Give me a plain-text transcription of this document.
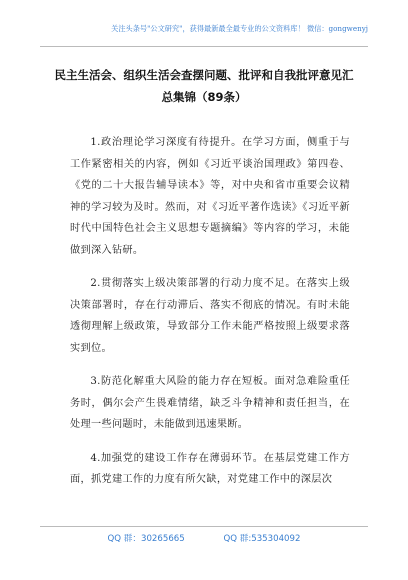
关注头条号"公文研究"，获得最新最全最专业的公文资料库！ 微信：gongwenyj
民主生活会、组织生活会查摆问题、批评和自我批评意见汇总集锦（89条）

1.政治理论学习深度有待提升。在学习方面，侧重于与工作紧密相关的内容，例如《习近平谈治国理政》第四卷、《党的二十大报告辅导读本》等，对中央和省市重要会议精神的学习较为及时。然而，对《习近平著作选读》《习近平新时代中国特色社会主义思想专题摘编》等内容的学习，未能做到深入钻研。

2.贯彻落实上级决策部署的行动力度不足。在落实上级决策部署时，存在行动滞后、落实不彻底的情况。有时未能透彻理解上级政策，导致部分工作未能严格按照上级要求落实到位。

3.防范化解重大风险的能力存在短板。面对急难险重任务时，偶尔会产生畏难情绪，缺乏斗争精神和责任担当，在处理一些问题时，未能做到迅速果断。

4.加强党的建设工作存在薄弱环节。在基层党建工作方面，抓党建工作的力度有所欠缺，对党建工作中的深层次

QQ 群：30265665	QQ 群:535304092
